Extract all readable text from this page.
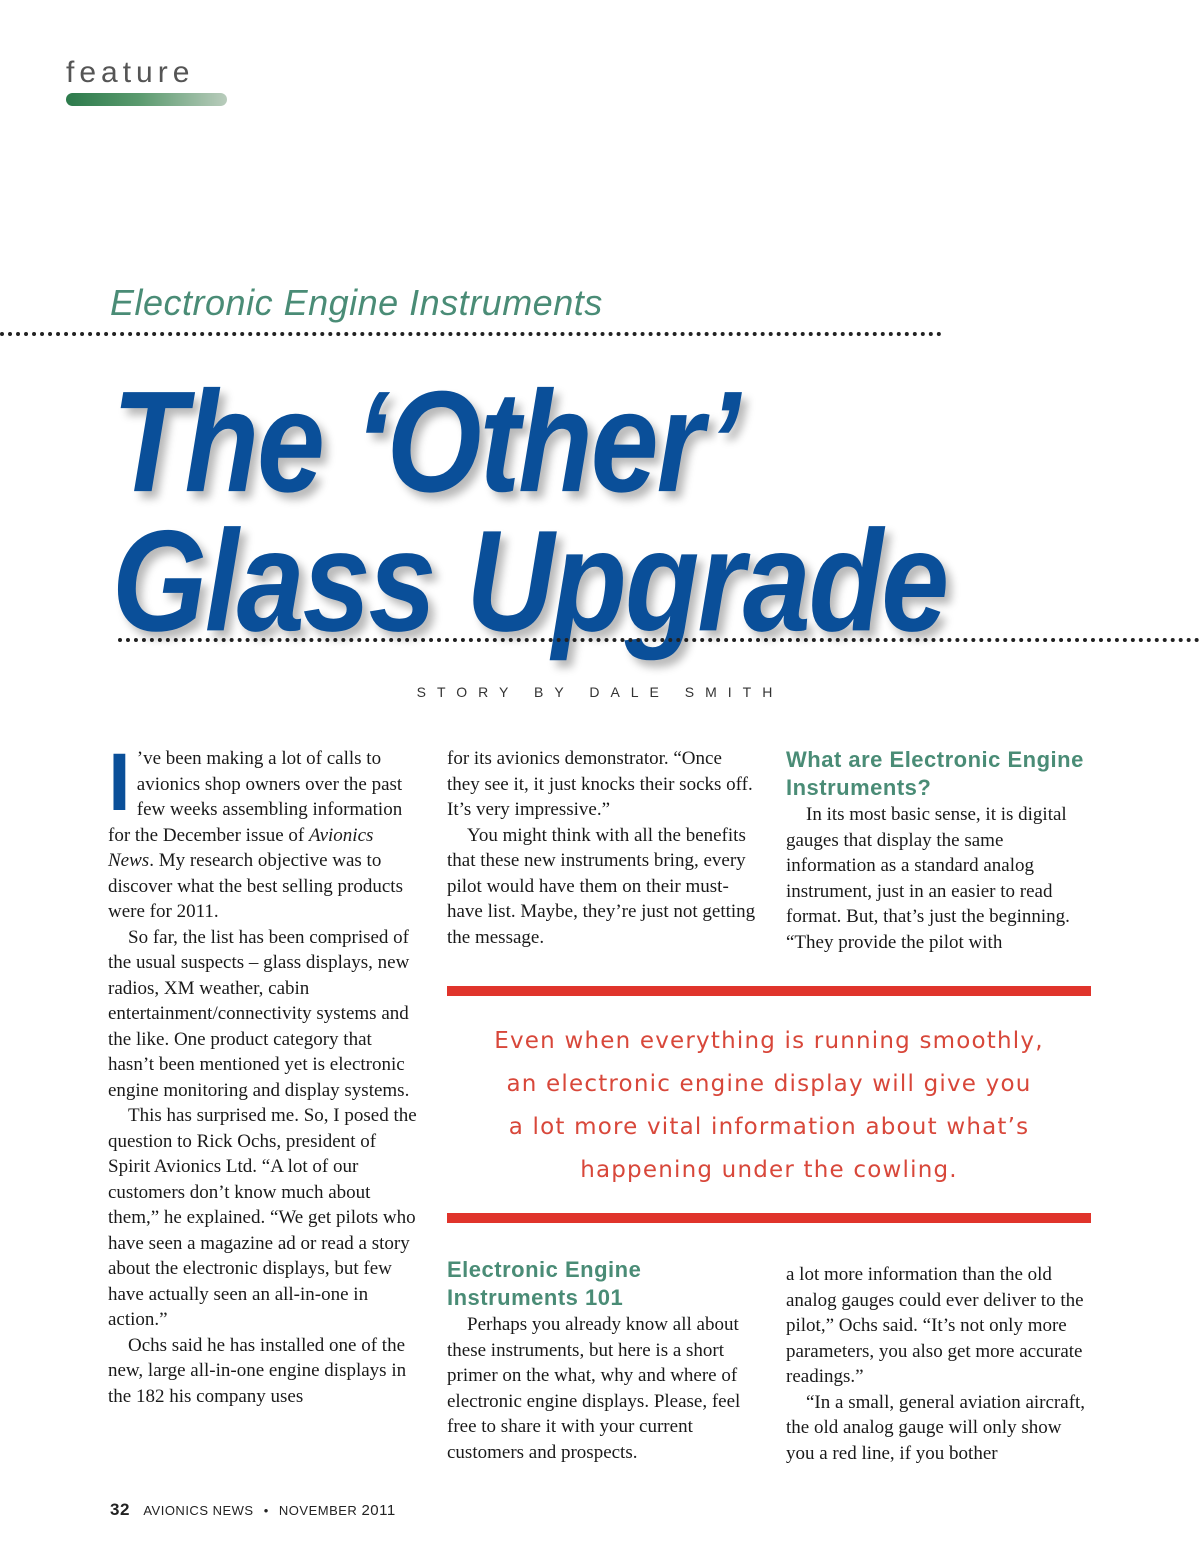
feature
Electronic Engine Instruments
The ‘Other’
Glass Upgrade
STORY BY DALE SMITH

I ’ve been making a lot of calls to avionics shop owners over the past few weeks assembling information for the December issue of Avionics News. My research objective was to discover what the best selling products were for 2011.

So far, the list has been comprised of the usual suspects – glass displays, new radios, XM weather, cabin entertainment/connectivity systems and the like. One product category that hasn’t been mentioned yet is electronic engine monitoring and display systems.

This has surprised me. So, I posed the question to Rick Ochs, president of Spirit Avionics Ltd. “A lot of our customers don’t know much about them,” he explained. “We get pilots who have seen a magazine ad or read a story about the electronic displays, but few have actually seen an all-in-one in action.”

Ochs said he has installed one of the new, large all-in-one engine displays in the 182 his company uses

for its avionics demonstrator. “Once they see it, it just knocks their socks off. It’s very impressive.”

You might think with all the benefits that these new instruments bring, every pilot would have them on their must-have list. Maybe, they’re just not getting the message.

What are Electronic Engine Instruments?

In its most basic sense, it is digital gauges that display the same information as a standard analog instrument, just in an easier to read format. But, that’s just the beginning. “They provide the pilot with

Even when everything is running smoothly,
an electronic engine display will give you
a lot more vital information about what’s
happening under the cowling.
Electronic Engine Instruments 101

Perhaps you already know all about these instruments, but here is a short primer on the what, why and where of electronic engine displays. Please, feel free to share it with your current customers and prospects.

a lot more information than the old analog gauges could ever deliver to the pilot,” Ochs said. “It’s not only more parameters, you also get more accurate readings.”

“In a small, general aviation aircraft, the old analog gauge will only show you a red line, if you bother

32 AVIONICS NEWS • NOVEMBER 2011
